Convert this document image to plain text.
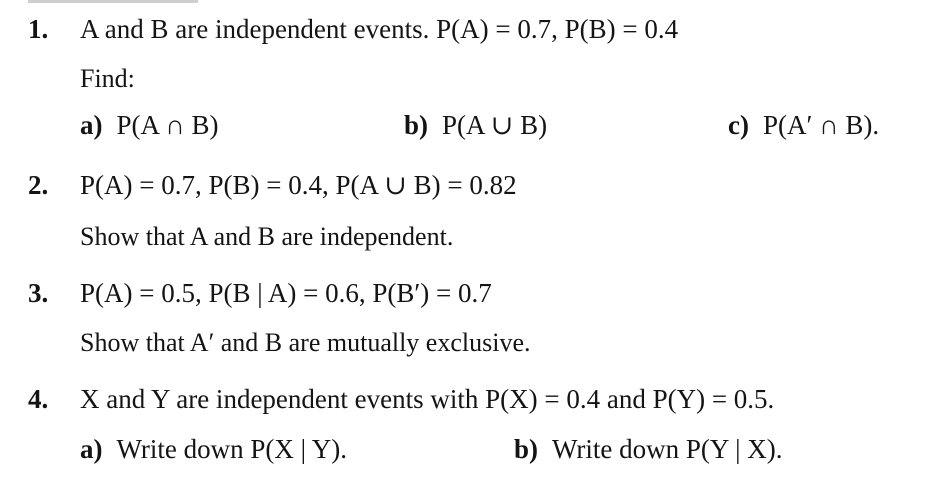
1. A and B are independent events. P(A) = 0.7, P(B) = 0.4
Find:
a) P(A ∩ B)	b) P(A ∪ B)	c) P(A′ ∩ B).
2. P(A) = 0.7, P(B) = 0.4, P(A ∪ B) = 0.82
Show that A and B are independent.
3. P(A) = 0.5, P(B | A) = 0.6, P(B′) = 0.7
Show that A′ and B are mutually exclusive.
4. X and Y are independent events with P(X) = 0.4 and P(Y) = 0.5.
a) Write down P(X | Y).	b) Write down P(Y | X).
